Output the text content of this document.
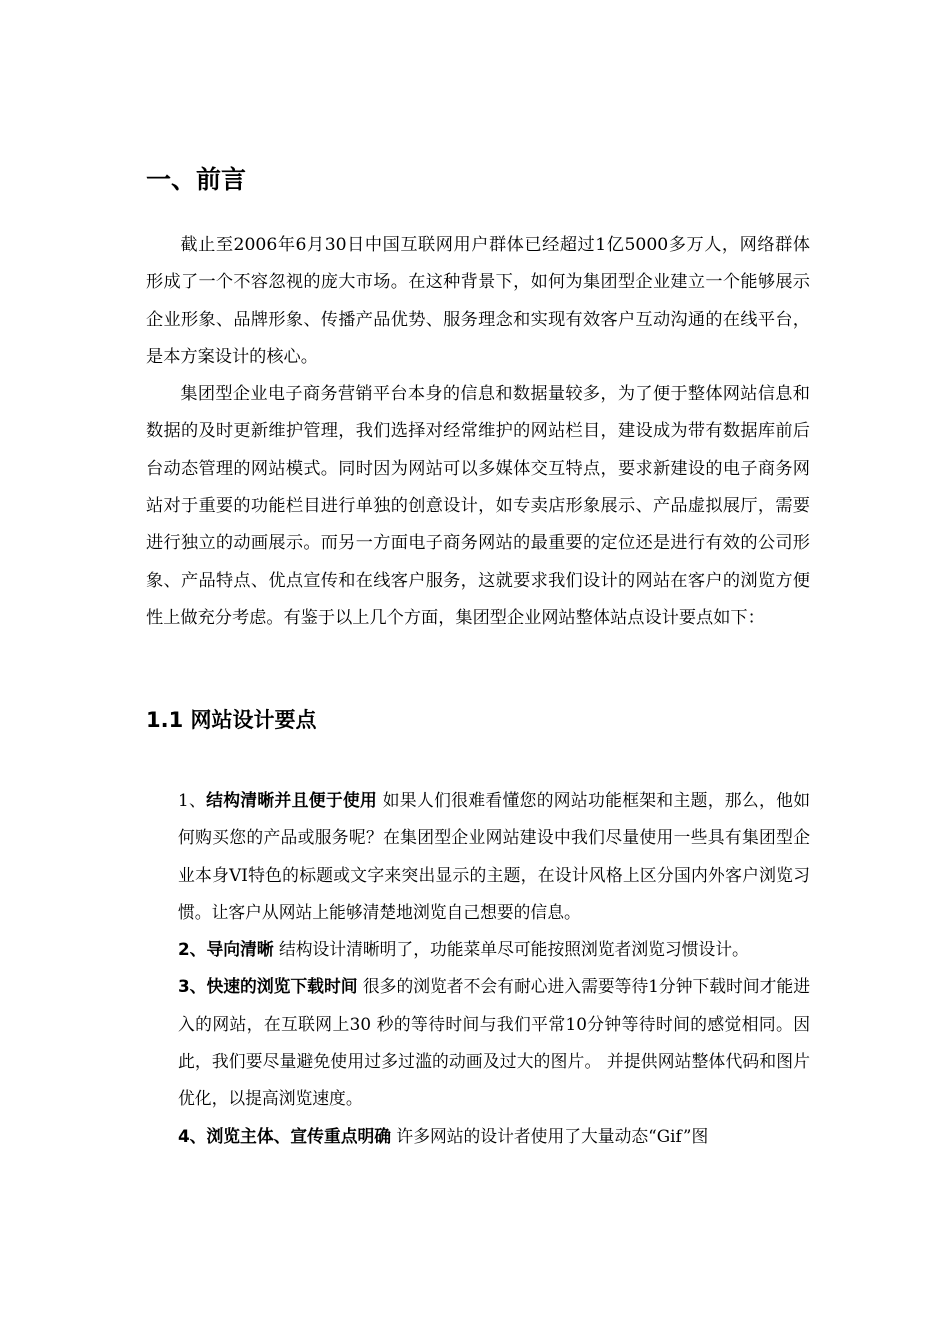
一、前言

截止至2006年6月30日中国互联网用户群体已经超过1亿5000多万人，网络群体形成了一个不容忽视的庞大市场。在这种背景下，如何为集团型企业建立一个能够展示企业形象、品牌形象、传播产品优势、服务理念和实现有效客户互动沟通的在线平台，是本方案设计的核心。

集团型企业电子商务营销平台本身的信息和数据量较多，为了便于整体网站信息和数据的及时更新维护管理，我们选择对经常维护的网站栏目，建设成为带有数据库前后台动态管理的网站模式。同时因为网站可以多媒体交互特点，要求新建设的电子商务网站对于重要的功能栏目进行单独的创意设计，如专卖店形象展示、产品虚拟展厅，需要进行独立的动画展示。而另一方面电子商务网站的最重要的定位还是进行有效的公司形象、产品特点、优点宣传和在线客户服务，这就要求我们设计的网站在客户的浏览方便性上做充分考虑。有鉴于以上几个方面，集团型企业网站整体站点设计要点如下：

1.1 网站设计要点

1、结构清晰并且便于使用 如果人们很难看懂您的网站功能框架和主题，那么，他如何购买您的产品或服务呢？在集团型企业网站建设中我们尽量使用一些具有集团型企业本身VI特色的标题或文字来突出显示的主题，在设计风格上区分国内外客户浏览习惯。让客户从网站上能够清楚地浏览自己想要的信息。

2、导向清晰 结构设计清晰明了，功能菜单尽可能按照浏览者浏览习惯设计。

3、快速的浏览下载时间 很多的浏览者不会有耐心进入需要等待1分钟下载时间才能进入的网站，在互联网上30 秒的等待时间与我们平常10分钟等待时间的感觉相同。因此，我们要尽量避免使用过多过滥的动画及过大的图片。 并提供网站整体代码和图片优化，以提高浏览速度。

4、浏览主体、宣传重点明确 许多网站的设计者使用了大量动态“Gif”图
